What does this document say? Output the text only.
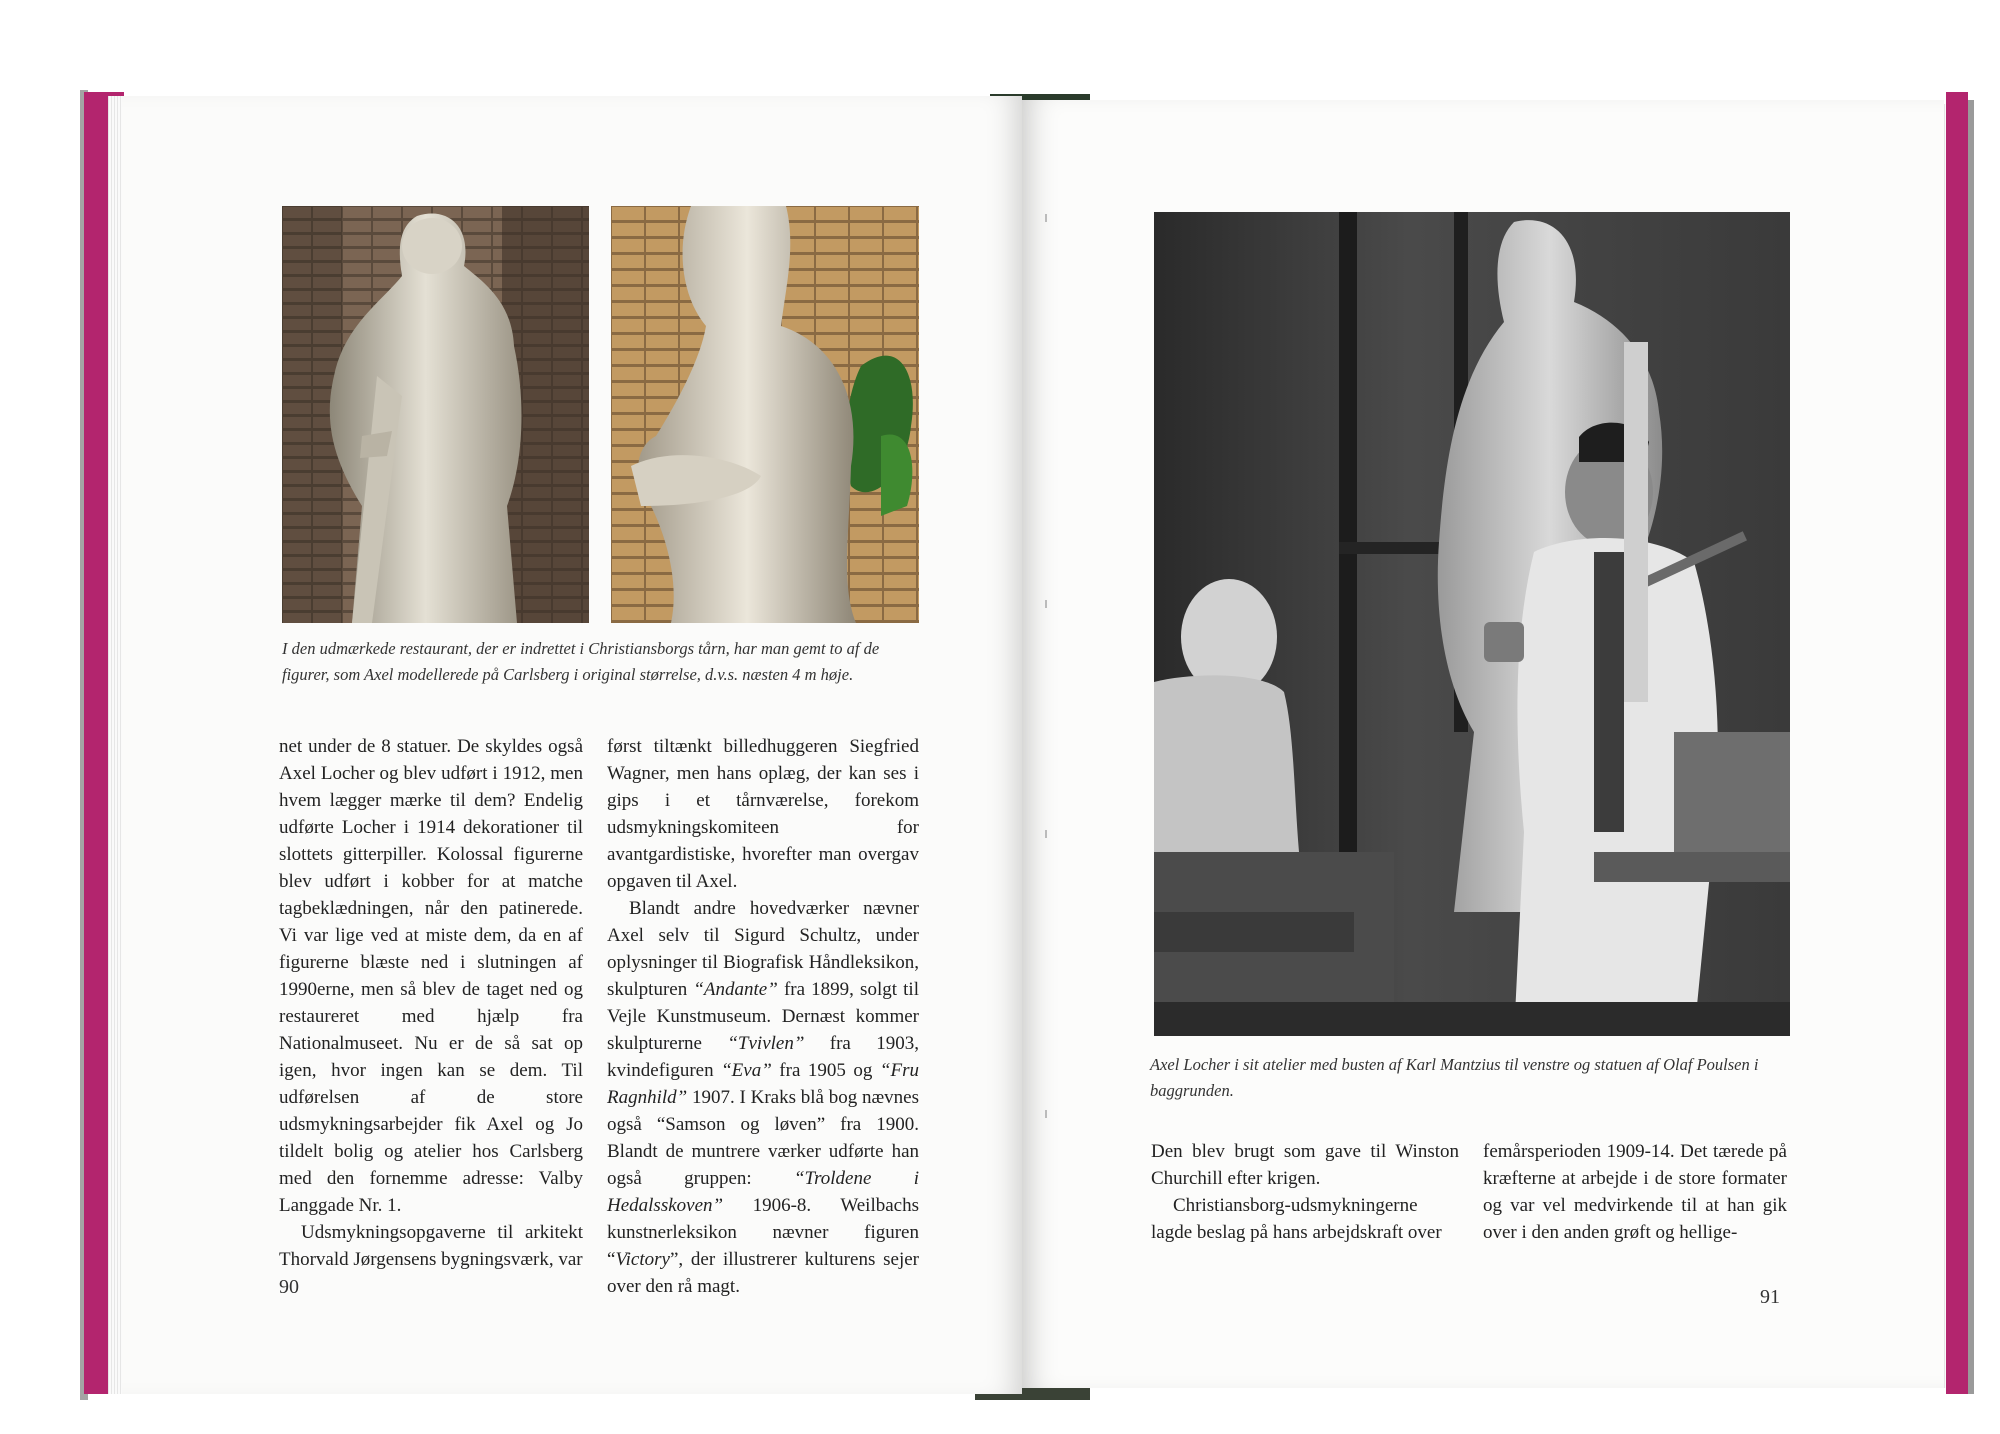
I den udmærkede restaurant, der er indrettet i Christiansborgs tårn, har man gemt to af de figurer, som Axel modellerede på Carlsberg i original størrelse, d.v.s. næsten 4 m høje.

net under de 8 statuer. De skyldes også Axel Locher og blev udført i 1912, men hvem lægger mærke til dem? Endelig udførte Locher i 1914 dekorationer til slottets gitterpiller. Kolossal figurerne blev udført i kobber for at matche tagbeklædningen, når den patinerede. Vi var lige ved at miste dem, da en af figurerne blæste ned i slutningen af 1990erne, men så blev de taget ned og restaureret med hjælp fra Nationalmuseet. Nu er de så sat op igen, hvor ingen kan se dem. Til udførelsen af de store udsmykningsarbejder fik Axel og Jo tildelt bolig og atelier hos Carlsberg med den fornemme adresse: Valby Langgade Nr. 1.

Udsmykningsopgaverne til arkitekt Thorvald Jørgensens bygningsværk, var

først tiltænkt billedhuggeren Siegfried Wagner, men hans oplæg, der kan ses i gips i et tårnværelse, forekom udsmykningskomiteen for avantgardistiske, hvorefter man overgav opgaven til Axel.

Blandt andre hovedværker nævner Axel selv til Sigurd Schultz, under oplysninger til Biografisk Håndleksikon, skulpturen “Andante” fra 1899, solgt til Vejle Kunstmuseum. Dernæst kommer skulpturerne “Tvivlen” fra 1903, kvindefiguren “Eva” fra 1905 og “Fru Ragnhild” 1907. I Kraks blå bog nævnes også “Samson og løven” fra 1900. Blandt de muntrere værker udførte han også gruppen: “Troldene i Hedalsskoven” 1906-8. Weilbachs kunstnerleksikon nævner figuren “Victory”, der illustrerer kulturens sejer over den rå magt.

90
Axel Locher i sit atelier med busten af Karl Mantzius til venstre og statuen af Olaf Poulsen i baggrunden.

Den blev brugt som gave til Winston Churchill efter krigen.

Christiansborg-udsmykningerne lagde beslag på hans arbejdskraft over

femårsperioden 1909-14. Det tærede på kræfterne at arbejde i de store formater og var vel medvirkende til at han gik over i den anden grøft og hellige-

91
